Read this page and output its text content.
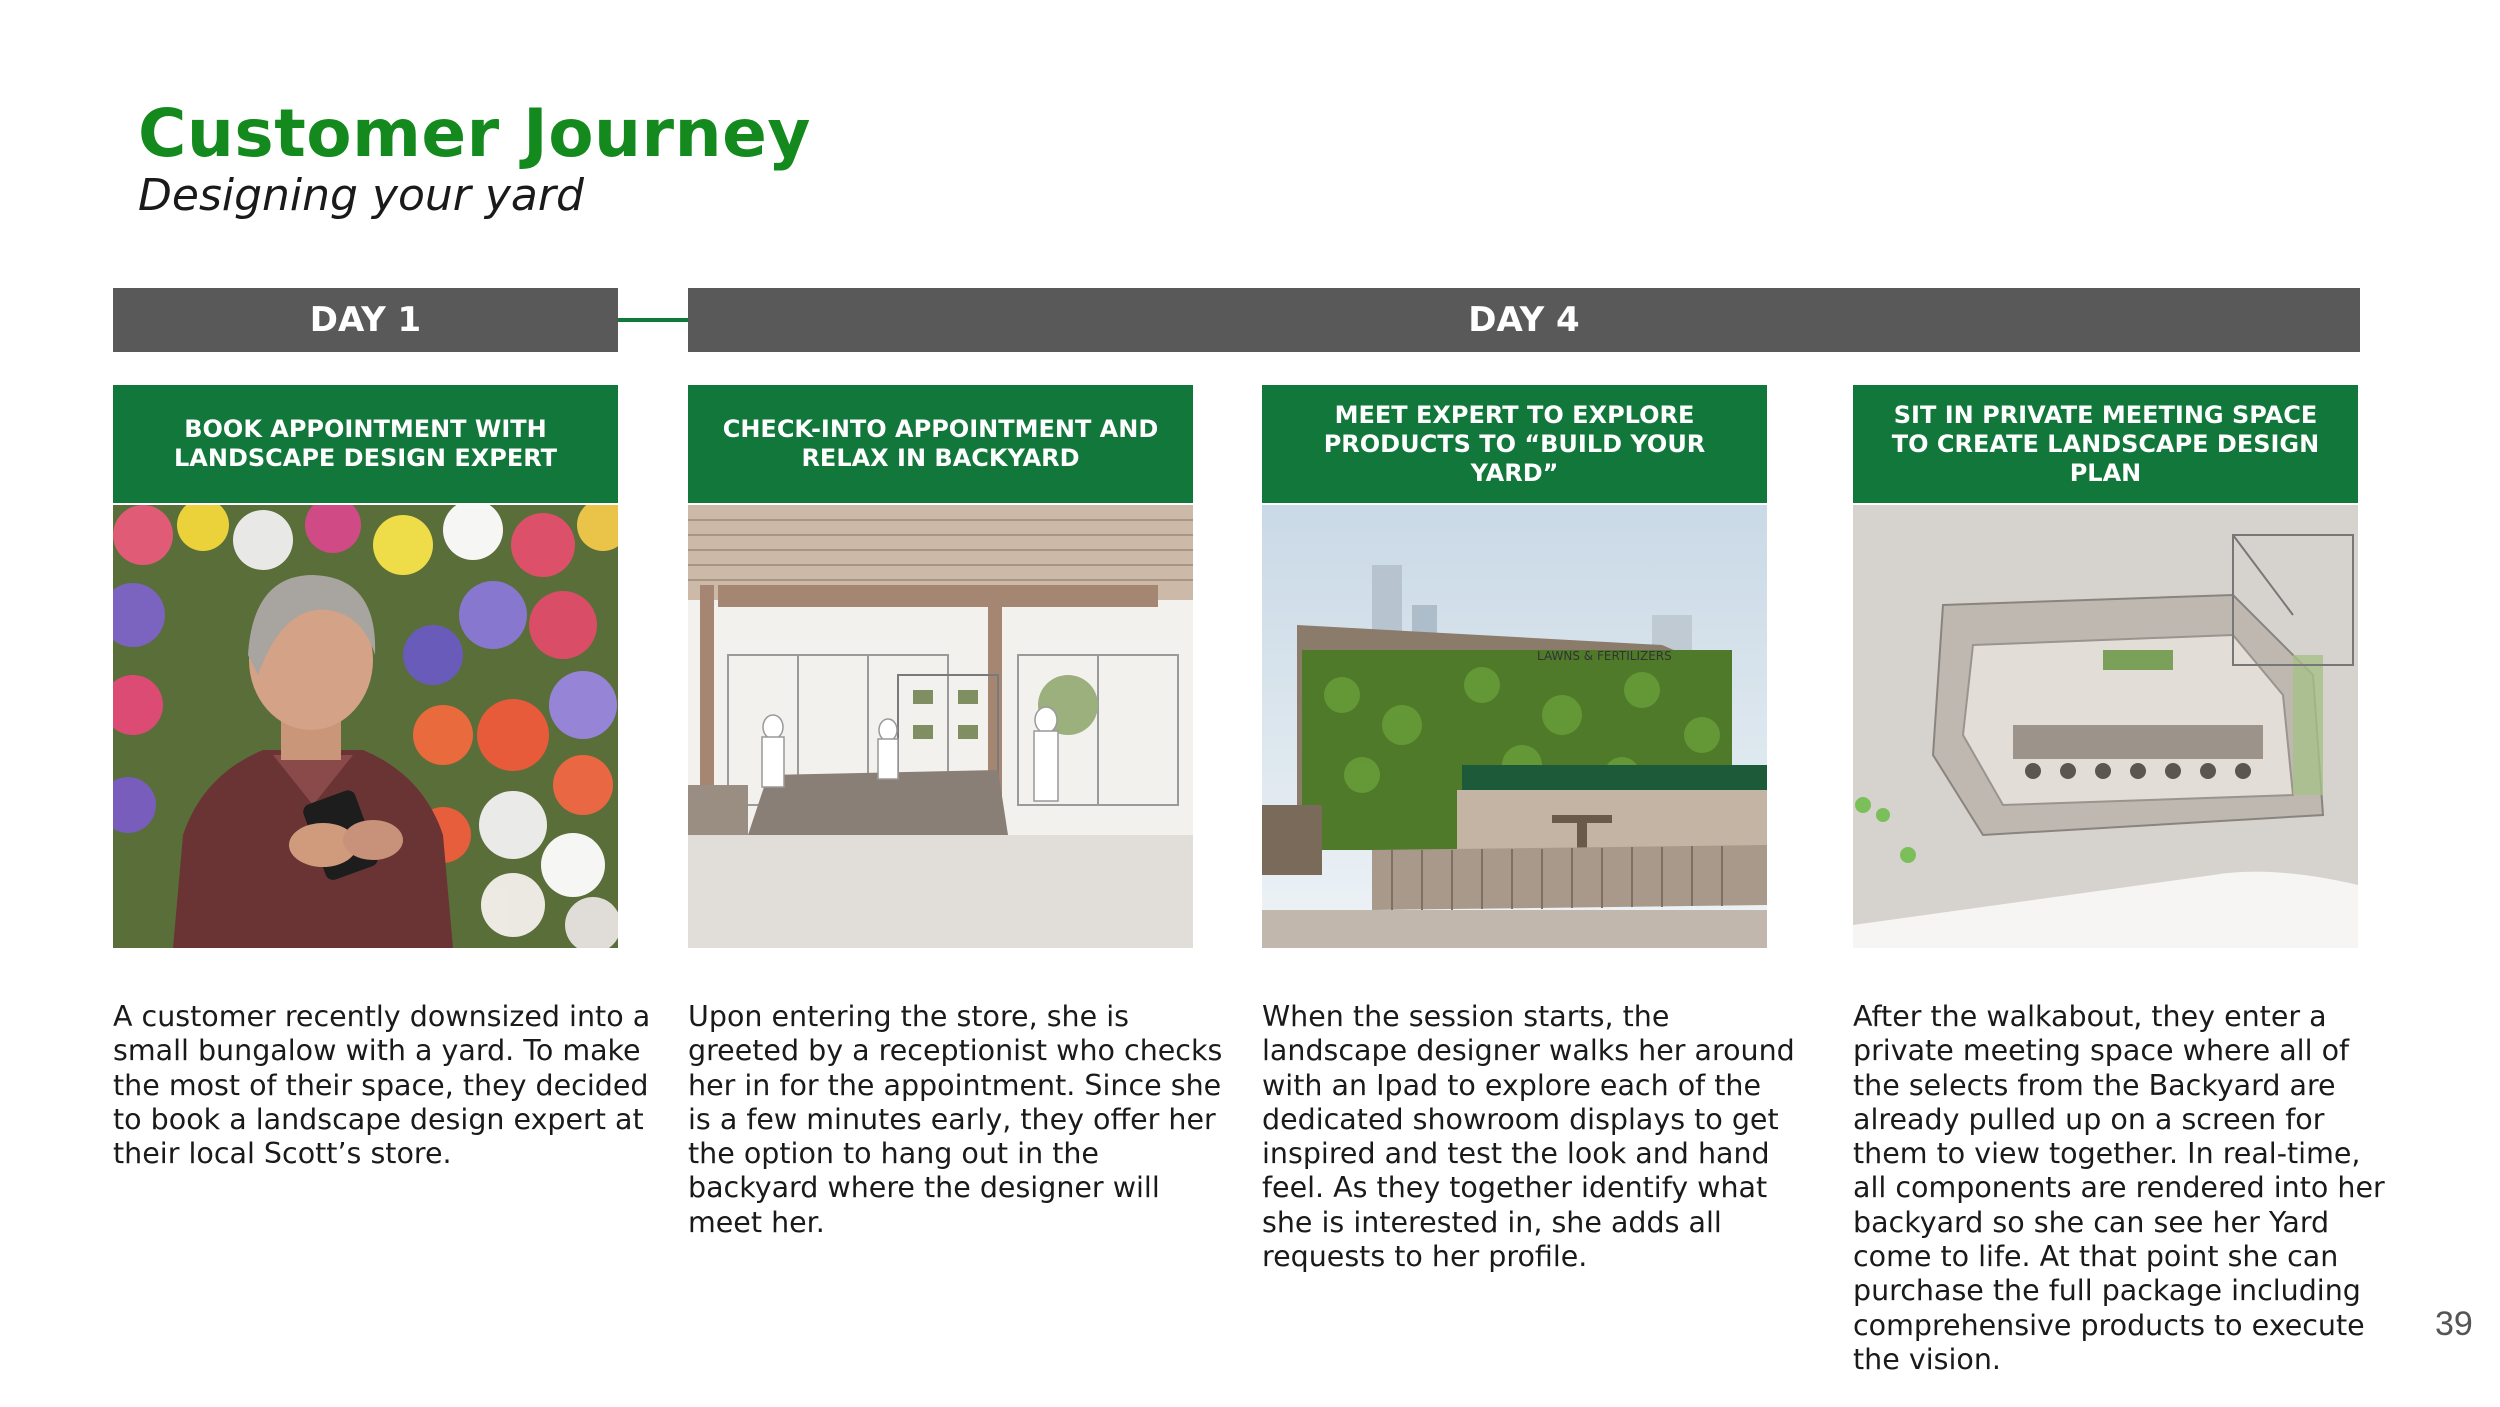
Customer Journey
Designing your yard
DAY 1	DAY 4
BOOK APPOINTMENT WITH LANDSCAPE DESIGN EXPERT
A customer recently downsized into a small bungalow with a yard. To make the most of their space, they decided to book a landscape design expert at their local Scott’s store.
CHECK-INTO APPOINTMENT AND RELAX IN BACKYARD
Upon entering the store, she is greeted by a receptionist who checks her in for the appointment. Since she is a few minutes early, they offer her the option to hang out in the backyard where the designer will meet her.
MEET EXPERT TO EXPLORE PRODUCTS TO “BUILD YOUR YARD”
LAWNS & FERTILIZERS
When the session starts, the landscape designer walks her around with an Ipad to explore each of the dedicated showroom displays to get inspired and test the look and hand feel. As they together identify what she is interested in, she adds all requests to her profile.
SIT IN PRIVATE MEETING SPACE TO CREATE LANDSCAPE DESIGN PLAN
After the walkabout, they enter a private meeting space where all of the selects from the Backyard are already pulled up on a screen for them to view together. In real-time, all components are rendered into her backyard so she can see her Yard come to life. At that point she can purchase the full package including comprehensive products to execute the vision.
39
